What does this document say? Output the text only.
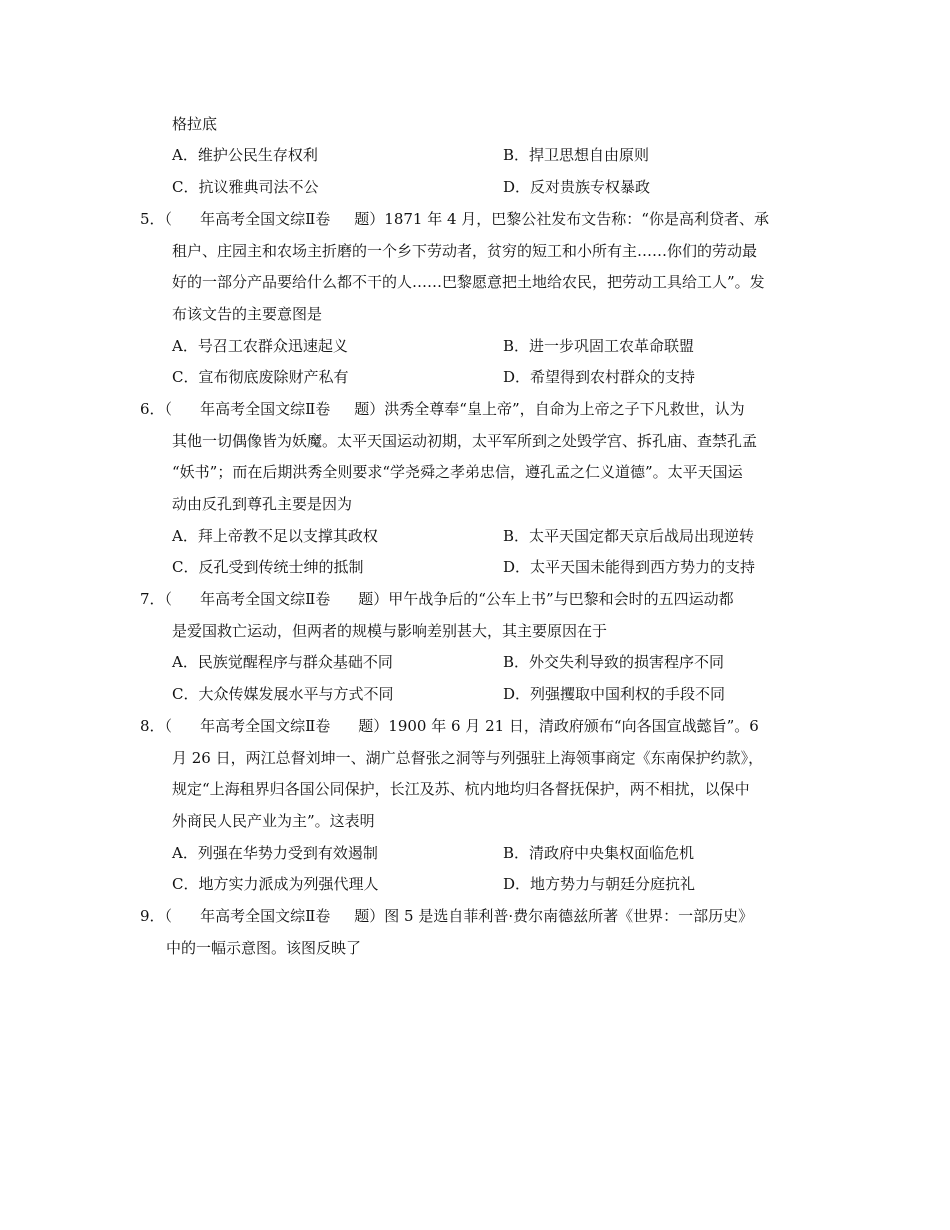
格拉底
A．维护公民生存权利	B．捍卫思想自由原则
C．抗议雅典司法不公	D．反对贵族专权暴政
5．（ 年高考全国文综Ⅱ卷 题）1871 年 4 月，巴黎公社发布文告称：“你是高利贷者、承
租户、庄园主和农场主折磨的一个乡下劳动者，贫穷的短工和小所有主……你们的劳动最
好的一部分产品要给什么都不干的人……巴黎愿意把土地给农民，把劳动工具给工人”。发
布该文告的主要意图是
A．号召工农群众迅速起义	B．进一步巩固工农革命联盟
C．宣布彻底废除财产私有	D．希望得到农村群众的支持
6．（ 年高考全国文综Ⅱ卷 题）洪秀全尊奉“皇上帝”，自命为上帝之子下凡救世，认为
其他一切偶像皆为妖魔。太平天国运动初期，太平军所到之处毁学宫、拆孔庙、查禁孔孟
“妖书”；而在后期洪秀全则要求“学尧舜之孝弟忠信，遵孔孟之仁义道德”。太平天国运
动由反孔到尊孔主要是因为
A．拜上帝教不足以支撑其政权	B．太平天国定都天京后战局出现逆转
C．反孔受到传统士绅的抵制	D．太平天国未能得到西方势力的支持
7．（ 年高考全国文综Ⅱ卷 题）甲午战争后的“公车上书”与巴黎和会时的五四运动都
是爱国救亡运动，但两者的规模与影响差别甚大，其主要原因在于
A．民族觉醒程序与群众基础不同	B．外交失利导致的损害程序不同
C．大众传媒发展水平与方式不同	D．列强攫取中国利权的手段不同
8．（ 年高考全国文综Ⅱ卷 题）1900 年 6 月 21 日，清政府颁布“向各国宣战懿旨”。6
月 26 日，两江总督刘坤一、湖广总督张之洞等与列强驻上海领事商定《东南保护约款》，
规定“上海租界归各国公同保护，长江及苏、杭内地均归各督抚保护，两不相扰，以保中
外商民人民产业为主”。这表明
A．列强在华势力受到有效遏制	B．清政府中央集权面临危机
C．地方实力派成为列强代理人	D．地方势力与朝廷分庭抗礼
9．（ 年高考全国文综Ⅱ卷 题）图 5 是选自菲利普·费尔南德兹所著《世界：一部历史》
中的一幅示意图。该图反映了
